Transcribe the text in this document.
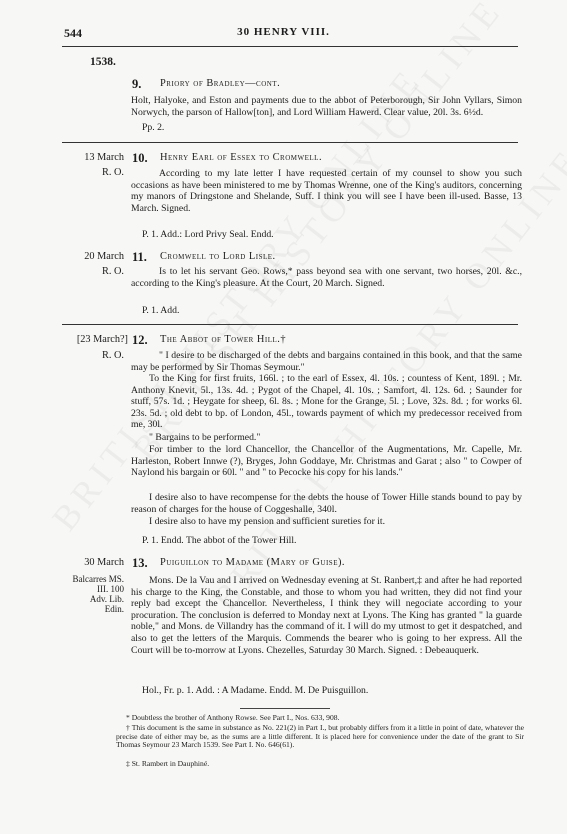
544	30 HENRY VIII.
1538.
9. Priory of Bradley—cont.
Holt, Halyoke, and Eston and payments due to the abbot of Peterborough, Sir John Vyllars, Simon Norwych, the parson of Hallow[ton], and Lord William Hawerd. Clear value, 20l. 3s. 6½d.
Pp. 2.
13 March
R. O.
10. Henry Earl of Essex to Cromwell.
According to my late letter I have requested certain of my counsel to show you such occasions as have been ministered to me by Thomas Wrenne, one of the King's auditors, concerning my manors of Dringstone and Shelande, Suff. I think you will see I have been ill-used. Basse, 13 March. Signed.
P. 1. Add.: Lord Privy Seal. Endd.
20 March
R. O.
11. Cromwell to Lord Lisle.
Is to let his servant Geo. Rows,* pass beyond sea with one servant, two horses, 20l. &c., according to the King's pleasure. At the Court, 20 March. Signed.
P. 1. Add.
[23 March?]
R. O.
12. The Abbot of Tower Hill.†
" I desire to be discharged of the debts and bargains contained in this book, and that the same may be performed by Sir Thomas Seymour."
To the King for first fruits, 166l. ; to the earl of Essex, 4l. 10s. ; countess of Kent, 189l. ; Mr. Anthony Knevit, 5l., 13s. 4d. ; Pygot of the Chapel, 4l. 10s. ; Samfort, 4l. 12s. 6d. ; Saunder for stuff, 57s. 1d. ; Heygate for sheep, 6l. 8s. ; Mone for the Grange, 5l. ; Love, 32s. 8d. ; for works 6l. 23s. 5d. ; old debt to bp. of London, 45l., towards payment of which my predecessor received from me, 30l.
" Bargains to be performed."
For timber to the lord Chancellor, the Chancellor of the Augmentations, Mr. Capelle, Mr. Harleston, Robert Innwe (?), Bryges, John Goddaye, Mr. Christmas and Garat ; also " to Cowper of Naylond his bargain or 60l. " and " to Pecocke his copy for his lands."
I desire also to have recompense for the debts the house of Tower Hille stands bound to pay by reason of charges for the house of Coggeshalle, 340l.
I desire also to have my pension and sufficient sureties for it.
P. 1. Endd. The abbot of the Tower Hill.
30 March
Balcarres MS.
III. 100
Adv. Lib.
Edin.
13. Puiguillon to Madame (Mary of Guise).
Mons. De la Vau and I arrived on Wednesday evening at St. Ranbert,‡ and after he had reported his charge to the King, the Constable, and those to whom you had written, they did not find your reply bad except the Chancellor. Nevertheless, I think they will negociate according to your procuration. The conclusion is deferred to Monday next at Lyons. The King has granted " la guarde noble," and Mons. de Villandry has the command of it. I will do my utmost to get it despatched, and also to get the letters of the Marquis. Commends the bearer who is going to her express. All the Court will be to-morrow at Lyons. Chezelles, Saturday 30 March. Signed. : Debeauquerk.
Hol., Fr. p. 1. Add. : A Madame. Endd. M. De Puisguillon.
* Doubtless the brother of Anthony Rowse. See Part I., Nos. 633, 908.
† This document is the same in substance as No. 221(2) in Part I., but probably differs from it a little in point of date, whatever the precise date of either may be, as the sums are a little different. It is placed here for convenience under the date of the grant to Sir Thomas Seymour 23 March 1539. See Part I. No. 646(61).
‡ St. Rambert in Dauphiné.
